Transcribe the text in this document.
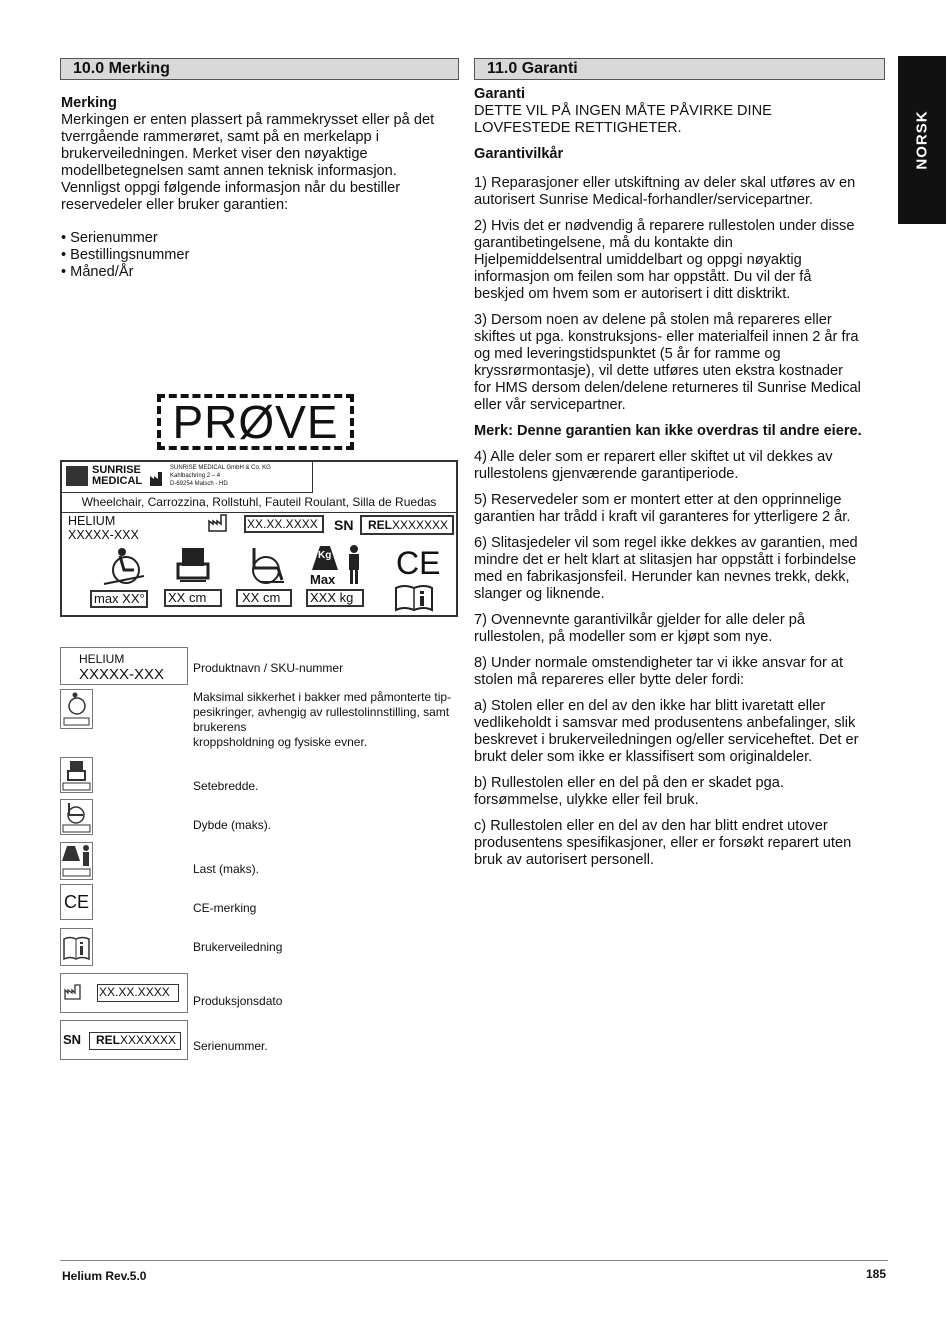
NORSK
10.0 Merking
Merking
Merkingen er enten plassert på rammekrysset eller på det
tverrgående rammerøret, samt på en merkelapp i
brukerveiledningen. Merket viser den nøyaktige
modellbetegnelsen samt annen teknisk informasjon.
Vennligst oppgi følgende informasjon når du bestiller
reservedeler eller bruker garantien:
• Serienummer
• Bestillingsnummer
• Måned/År
PRØVE
SUNRISE
MEDICAL
SUNRISE MEDICAL GmbH & Co. KG
Kahlbachring 2 – 4
D-69254 Malsch - HD
Wheelchair, Carrozzina, Rollstuhl, Fauteil Roulant, Silla de Ruedas
HELIUM
XXXXX-XXX
XX.XX.XXXX	SN	RELXXXXXXX
Kg
Max CE
max XX°	XX cm	XX cm	XXX kg
HELIUM
XXXXX-XXX Produktnavn / SKU-nummer
Maksimal sikkerhet i bakker med påmonterte tip-
pesikringer, avhengig av rullestolinnstilling, samt
brukerens
kroppsholdning og fysiske evner.
Setebredde.
Dybde (maks).
Last (maks).
CE	CE-merking
Brukerveiledning
XX.XX.XXXX
Produksjonsdato
SN	RELXXXXXXX	Serienummer.
11.0 Garanti
Garanti
DETTE VIL PÅ INGEN MÅTE PÅVIRKE DINE
LOVFESTEDE RETTIGHETER.
Garantivilkår
1) Reparasjoner eller utskiftning av deler skal utføres av en
autorisert Sunrise Medical-forhandler/servicepartner.
2) Hvis det er nødvendig å reparere rullestolen under disse
garantibetingelsene, må du kontakte din
Hjelpemiddelsentral umiddelbart og oppgi nøyaktig
informasjon om feilen som har oppstått. Du vil der få
beskjed om hvem som er autorisert i ditt disktrikt.
3) Dersom noen av delene på stolen må repareres eller
skiftes ut pga. konstruksjons- eller materialfeil innen 2 år fra
og med leveringstidspunktet (5 år for ramme og
kryssrørmontasje), vil dette utføres uten ekstra kostnader
for HMS dersom delen/delene returneres til Sunrise Medical
eller vår servicepartner.
Merk: Denne garantien kan ikke overdras til andre eiere.
4) Alle deler som er reparert eller skiftet ut vil dekkes av
rullestolens gjenværende garantiperiode.
5) Reservedeler som er montert etter at den opprinnelige
garantien har trådd i kraft vil garanteres for ytterligere 2 år.
6) Slitasjedeler vil som regel ikke dekkes av garantien, med
mindre det er helt klart at slitasjen har oppstått i forbindelse
med en fabrikasjonsfeil. Herunder kan nevnes trekk, dekk,
slanger og liknende.
7) Ovennevnte garantivilkår gjelder for alle deler på
rullestolen, på modeller som er kjøpt som nye.
8) Under normale omstendigheter tar vi ikke ansvar for at
stolen må repareres eller bytte deler fordi:
a) Stolen eller en del av den ikke har blitt ivaretatt eller
vedlikeholdt i samsvar med produsentens anbefalinger, slik
beskrevet i brukerveiledningen og/eller serviceheftet. Det er
brukt deler som ikke er klassifisert som originaldeler.
b) Rullestolen eller en del på den er skadet pga.
forsømmelse, ulykke eller feil bruk.
c) Rullestolen eller en del av den har blitt endret utover
produsentens spesifikasjoner, eller er forsøkt reparert uten
bruk av autorisert personell.
Helium Rev.5.0	185
